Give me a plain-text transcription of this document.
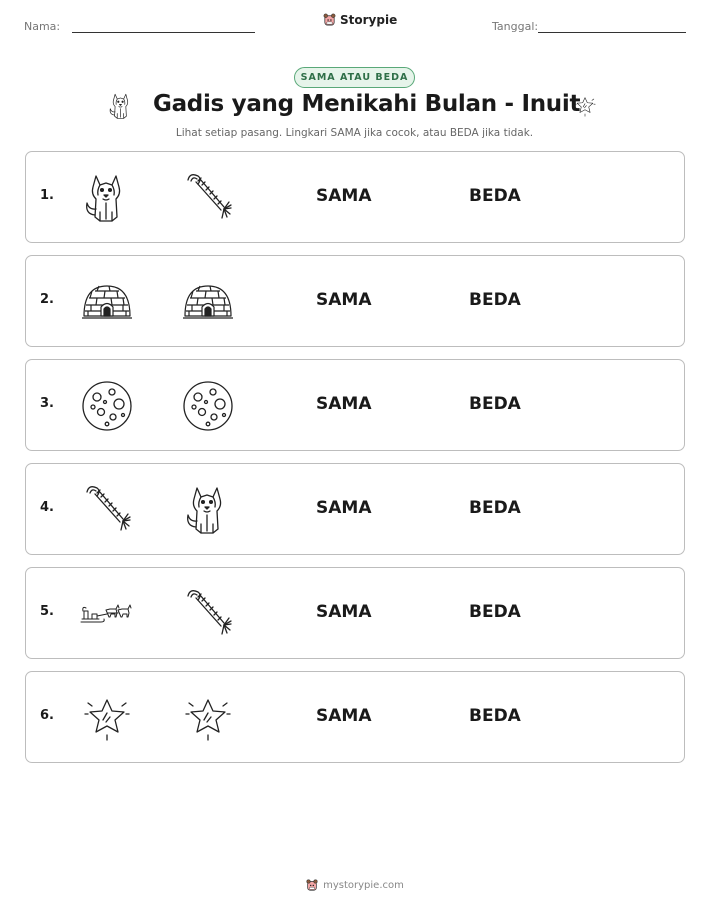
Nama:	Storypie	Tanggal:
SAMA ATAU BEDA
Gadis yang Menikahi Bulan - Inuit

Lihat setiap pasang. Lingkari SAMA jika cocok, atau BEDA jika tidak.

1.	SAMA	BEDA
2.	SAMA	BEDA
3.	SAMA	BEDA
4.	SAMA	BEDA
5.	SAMA	BEDA
6.	SAMA	BEDA
mystorypie.com
